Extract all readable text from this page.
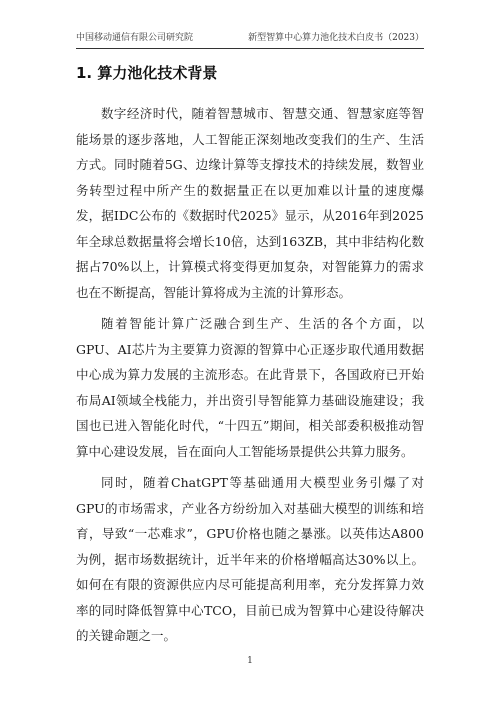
中国移动通信有限公司研究院	新型智算中心算力池化技术白皮书（2023）
1. 算力池化技术背景

数字经济时代，随着智慧城市、智慧交通、智慧家庭等智能场景的逐步落地，人工智能正深刻地改变我们的生产、生活方式。同时随着5G、边缘计算等支撑技术的持续发展，数智业务转型过程中所产生的数据量正在以更加难以计量的速度爆发，据IDC公布的《数据时代2025》显示，从2016年到2025年全球总数据量将会增长10倍，达到163ZB，其中非结构化数据占70%以上，计算模式将变得更加复杂，对智能算力的需求也在不断提高，智能计算将成为主流的计算形态。

随着智能计算广泛融合到生产、生活的各个方面，以GPU、AI芯片为主要算力资源的智算中心正逐步取代通用数据中心成为算力发展的主流形态。在此背景下，各国政府已开始布局AI领域全栈能力，并出资引导智能算力基础设施建设；我国也已进入智能化时代，“十四五”期间，相关部委积极推动智算中心建设发展，旨在面向人工智能场景提供公共算力服务。

同时，随着ChatGPT等基础通用大模型业务引爆了对GPU的市场需求，产业各方纷纷加入对基础大模型的训练和培育，导致“一芯难求”，GPU价格也随之暴涨。以英伟达A800为例，据市场数据统计，近半年来的价格增幅高达30%以上。如何在有限的资源供应内尽可能提高利用率，充分发挥算力效率的同时降低智算中心TCO，目前已成为智算中心建设待解决的关键命题之一。

1
